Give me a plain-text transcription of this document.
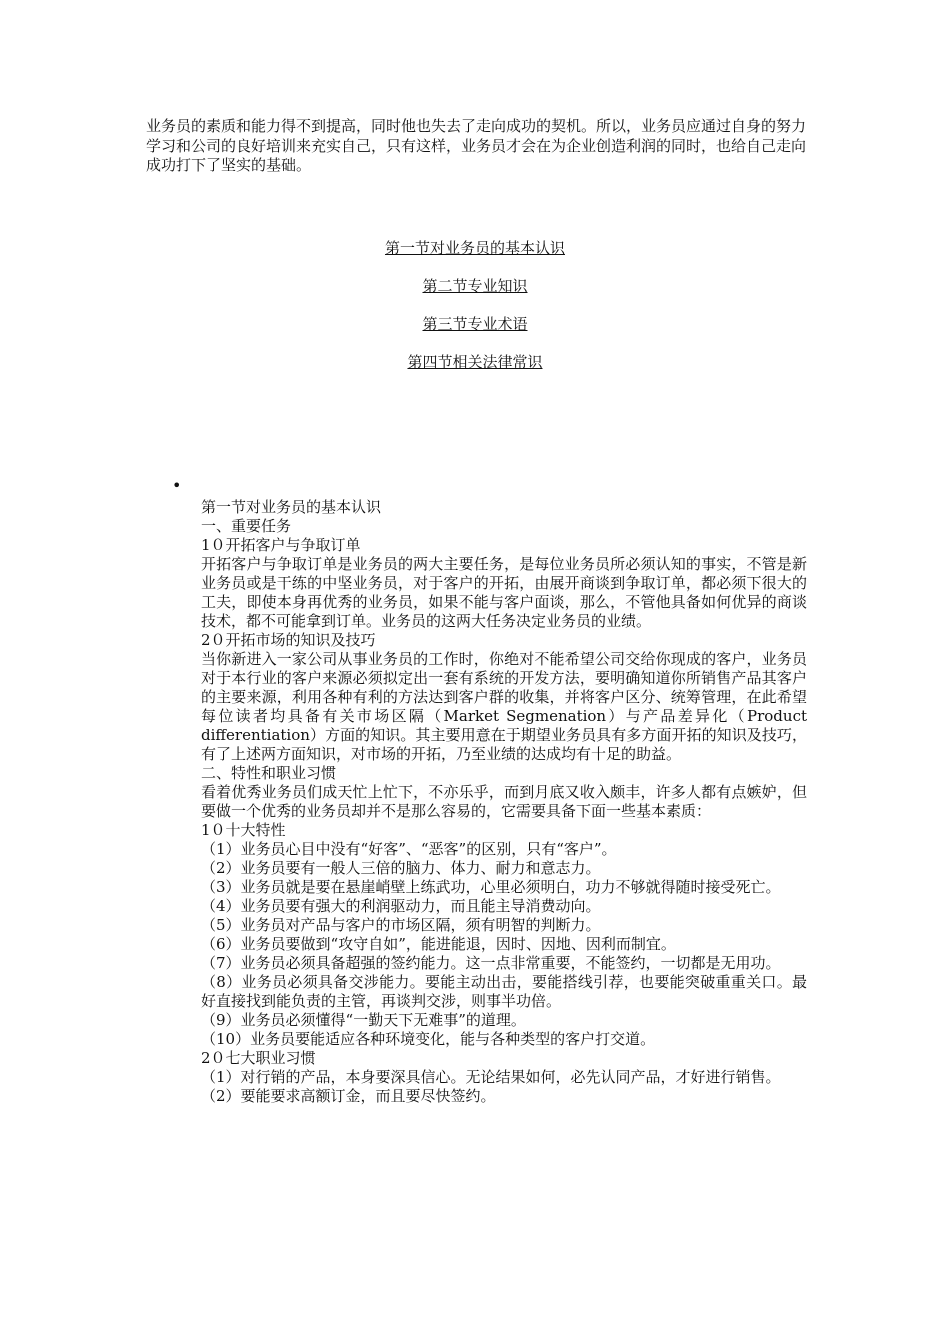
业务员的素质和能力得不到提高，同时他也失去了走向成功的契机。所以，业务员应通过自身的努力学习和公司的良好培训来充实自己，只有这样，业务员才会在为企业创造利润的同时，也给自己走向成功打下了坚实的基础。

第一节对业务员的基本认识
第二节专业知识
第三节专业术语
第四节相关法律常识
•
第一节对业务员的基本认识
一、重要任务
1０开拓客户与争取订单
开拓客户与争取订单是业务员的两大主要任务，是每位业务员所必须认知的事实，不管是新业务员或是干练的中坚业务员，对于客户的开拓，由展开商谈到争取订单，都必须下很大的工夫，即使本身再优秀的业务员，如果不能与客户面谈，那么，不管他具备如何优异的商谈技术，都不可能拿到订单。业务员的这两大任务决定业务员的业绩。
2０开拓市场的知识及技巧
当你新进入一家公司从事业务员的工作时，你绝对不能希望公司交给你现成的客户，业务员对于本行业的客户来源必须拟定出一套有系统的开发方法，要明确知道你所销售产品其客户的主要来源，利用各种有利的方法达到客户群的收集，并将客户区分、统筹管理，在此希望每位读者均具备有关市场区隔（Market Segmenation）与产品差异化（Product differentiation）方面的知识。其主要用意在于期望业务员具有多方面开拓的知识及技巧，有了上述两方面知识，对市场的开拓，乃至业绩的达成均有十足的助益。
二、特性和职业习惯
看着优秀业务员们成天忙上忙下，不亦乐乎，而到月底又收入颇丰，许多人都有点嫉妒，但要做一个优秀的业务员却并不是那么容易的，它需要具备下面一些基本素质：
1０十大特性
（1）业务员心目中没有“好客”、“恶客”的区别，只有“客户”。
（2）业务员要有一般人三倍的脑力、体力、耐力和意志力。
（3）业务员就是要在悬崖峭壁上练武功，心里必须明白，功力不够就得随时接受死亡。
（4）业务员要有强大的利润驱动力，而且能主导消费动向。
（5）业务员对产品与客户的市场区隔，须有明智的判断力。
（6）业务员要做到“攻守自如”，能进能退，因时、因地、因利而制宜。
（7）业务员必须具备超强的签约能力。这一点非常重要，不能签约，一切都是无用功。
（8）业务员必须具备交涉能力。要能主动出击，要能搭线引荐，也要能突破重重关口。最好直接找到能负责的主管，再谈判交涉，则事半功倍。
（9）业务员必须懂得“一勤天下无难事”的道理。
（10）业务员要能适应各种环境变化，能与各种类型的客户打交道。
2０七大职业习惯
（1）对行销的产品，本身要深具信心。无论结果如何，必先认同产品，才好进行销售。
（2）要能要求高额订金，而且要尽快签约。
